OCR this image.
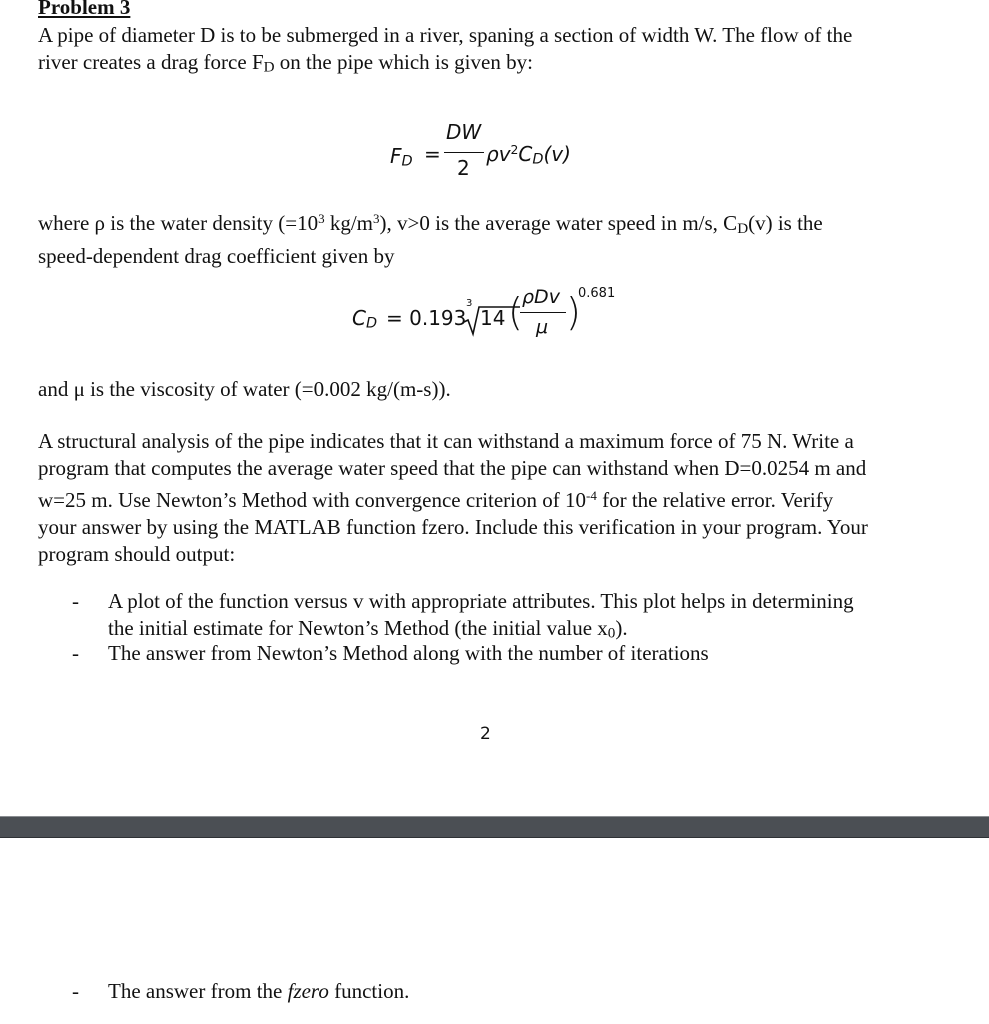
Problem 3
A pipe of diameter D is to be submerged in a river, spaning a section of width W. The flow of the
river creates a drag force FD on the pipe which is given by:
FD =
DW
2
$\rho v^2CD(v)$
where ρ is the water density ($=10^3$ $kg/m^3$), v>0 is the average water speed in m/s, CD(v) is the
speed-dependent drag coefficient given by
CD = 0.193
3
14 ( ρDv
μ )
0.681
and μ is the viscosity of water (=0.002 kg/(m-s)).
A structural analysis of the pipe indicates that it can withstand a maximum force of 75 N. Write a
program that computes the average water speed that the pipe can withstand when D=0.0254 m and
w=25 m. Use Newton’s Method with convergence criterion of $10^{-4}$ for the relative error. Verify
your answer by using the MATLAB function fzero. Include this verification in your program. Your
program should output:
- A plot of the function versus v with appropriate attributes. This plot helps in determining
the initial estimate for Newton’s Method (the initial value x0).
- The answer from Newton’s Method along with the number of iterations
2
- The answer from the fzero function.
